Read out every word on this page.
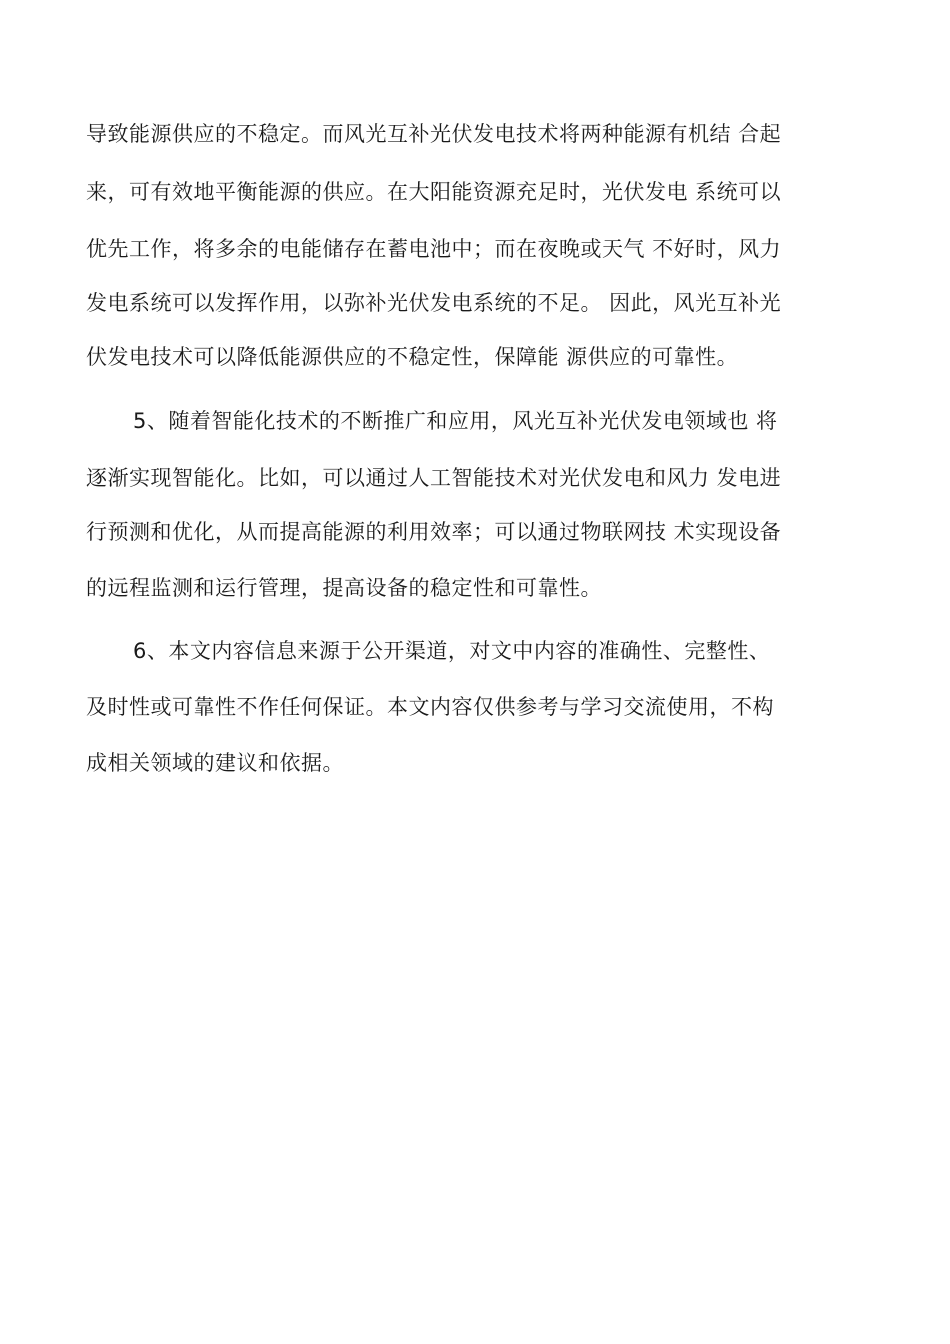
导致能源供应的不稳定。而风光互补光伏发电技术将两种能源有机结 合起
来，可有效地平衡能源的供应。在大阳能资源充足时，光伏发电 系统可以
优先工作，将多余的电能储存在蓄电池中；而在夜晚或天气 不好时，风力
发电系统可以发挥作用，以弥补光伏发电系统的不足。 因此，风光互补光
伏发电技术可以降低能源供应的不稳定性，保障能 源供应的可靠性。
5、随着智能化技术的不断推广和应用，风光互补光伏发电领域也 将
逐渐实现智能化。比如，可以通过人工智能技术对光伏发电和风力 发电进
行预测和优化，从而提高能源的利用效率；可以通过物联网技 术实现设备
的远程监测和运行管理，提高设备的稳定性和可靠性。
6、本文内容信息来源于公开渠道，对文中内容的准确性、完整性、
及时性或可靠性不作任何保证。本文内容仅供参考与学习交流使用，不构
成相关领域的建议和依据。
